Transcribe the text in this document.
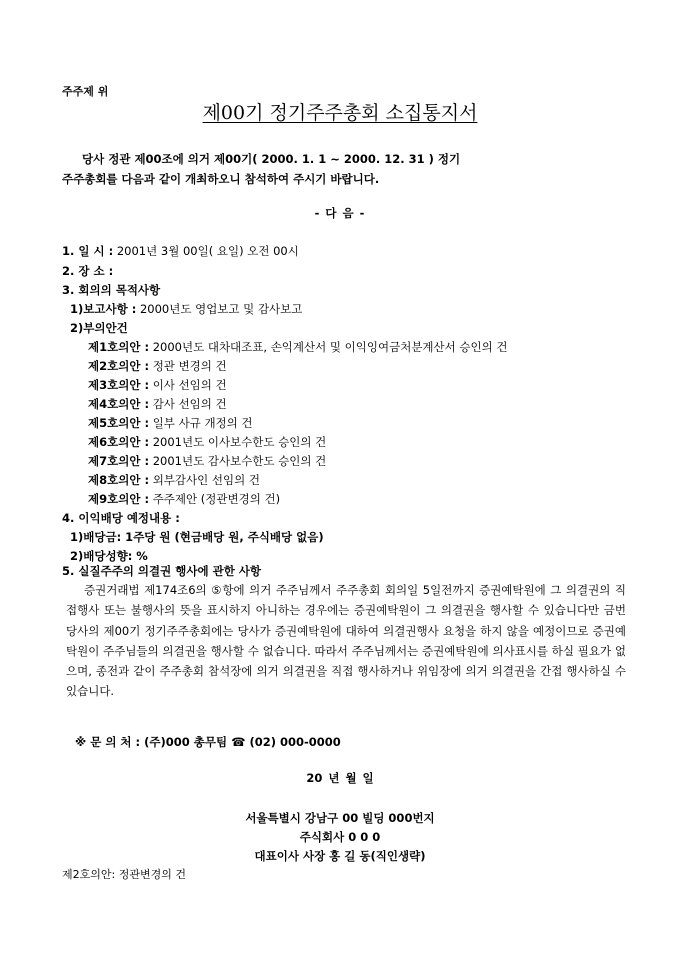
주주제 위
제00기 정기주주총회 소집통지서
당사 정관 제00조에 의거 제00기( 2000. 1. 1 ~ 2000. 12. 31 ) 정기
주주총회를 다음과 같이 개최하오니 참석하여 주시기 바랍니다.
- 다 음 -
1. 일 시 : 2001년 3월 00일( 요일) 오전 00시
2. 장 소 :
3. 회의의 목적사항
1)보고사항 : 2000년도 영업보고 및 감사보고
2)부의안건
제1호의안 : 2000년도 대차대조표, 손익계산서 및 이익잉여금처분계산서 승인의 건
제2호의안 : 정관 변경의 건
제3호의안 : 이사 선임의 건
제4호의안 : 감사 선임의 건
제5호의안 : 일부 사규 개정의 건
제6호의안 : 2001년도 이사보수한도 승인의 건
제7호의안 : 2001년도 감사보수한도 승인의 건
제8호의안 : 외부감사인 선임의 건
제9호의안 : 주주제안 (정관변경의 건)
4. 이익배당 예정내용 :
1)배당금: 1주당 원 (현금배당 원, 주식배당 없음)
2)배당성향: %
5. 실질주주의 의결권 행사에 관한 사항
증권거래법 제174조6의 ⑤항에 의거 주주님께서 주주총회 회의일 5일전까지 증권예탁원에 그 의결권의 직접행사 또는 불행사의 뜻을 표시하지 아니하는 경우에는 증권예탁원이 그 의결권을 행사할 수 있습니다만 금번 당사의 제00기 정기주주총회에는 당사가 증권예탁원에 대하여 의결권행사 요청을 하지 않을 예정이므로 증권예탁원이 주주님들의 의결권을 행사할 수 없습니다. 따라서 주주님께서는 증권예탁원에 의사표시를 하실 필요가 없으며, 종전과 같이 주주총회 참석장에 의거 의결권을 직접 행사하거나 위임장에 의거 의결권을 간접 행사하실 수 있습니다.
※ 문 의 처 : (주)000 총무팀 ☎ (02) 000-0000
20 년 월 일
서울특별시 강남구 00 빌딩 000번지
주식회사 0 0 0
대표이사 사장 홍 길 동(직인생략)
제2호의안: 정관변경의 건
